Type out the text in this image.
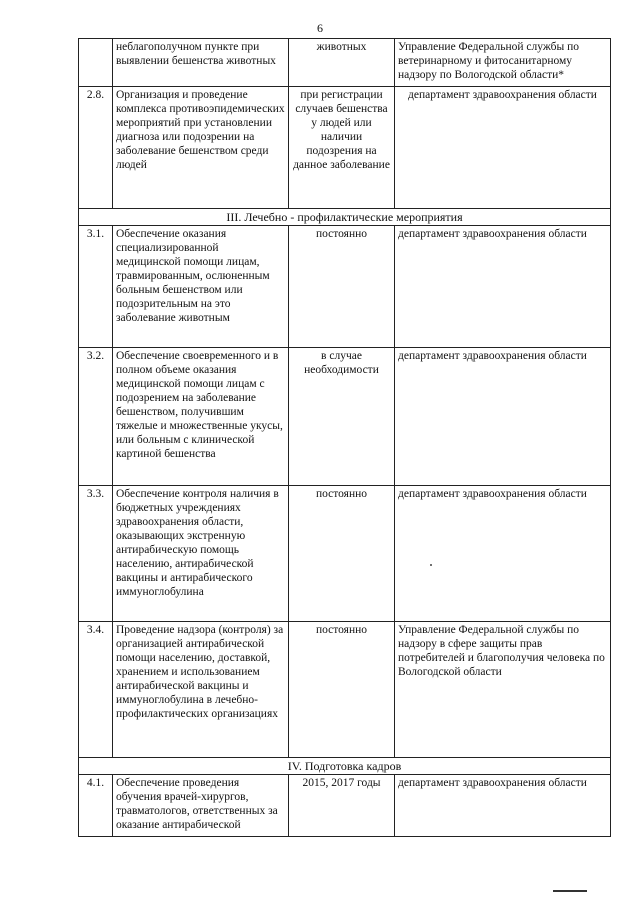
6
	неблагополучном пункте при выявлении бешенства животных	животных	Управление Федеральной службы по ветеринарному и фитосанитарному надзору по Вологодской области*
2.8.	Организация и проведение комплекса противоэпидемических мероприятий при установлении диагноза или подозрении на заболевание бешенством среди людей	при регистрации случаев бешенства у людей или наличии подозрения на данное заболевание	департамент здравоохранения области
III. Лечебно - профилактические мероприятия			
3.1.	Обеспечение оказания специализированной медицинской помощи лицам, травмированным, ослюненным больным бешенством или подозрительным на это заболевание животным	постоянно	департамент здравоохранения области
3.2.	Обеспечение своевременного и в полном объеме оказания медицинской помощи лицам с подозрением на заболевание бешенством, получившим тяжелые и множественные укусы, или больным с клинической картиной бешенства	в случае необходимости	департамент здравоохранения области
3.3.	Обеспечение контроля наличия в бюджетных учреждениях здравоохранения области, оказывающих экстренную антирабическую помощь населению, антирабической вакцины и антирабического иммуноглобулина	постоянно	департамент здравоохранения области
3.4.	Проведение надзора (контроля) за организацией антирабической помощи населению, доставкой, хранением и использованием антирабической вакцины и иммуноглобулина в лечебно-профилактических организациях	постоянно	Управление Федеральной службы по надзору в сфере защиты прав потребителей и благополучия человека по Вологодской области
IV. Подготовка кадров			
4.1.	Обеспечение проведения обучения врачей-хирургов, травматологов, ответственных за оказание антирабической	2015, 2017 годы	департамент здравоохранения области
